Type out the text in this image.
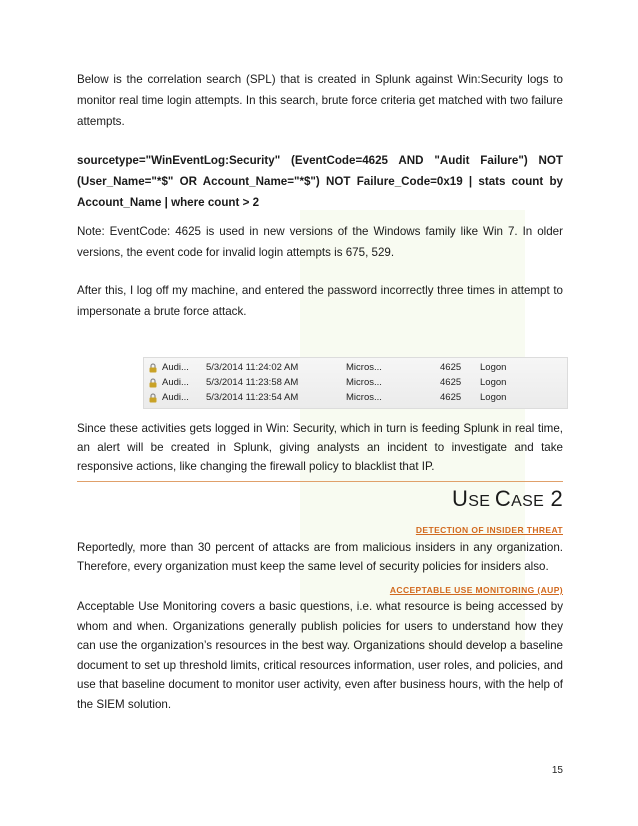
Below is the correlation search (SPL) that is created in Splunk against Win:Security logs to monitor real time login attempts. In this search, brute force criteria get matched with two failure attempts.

sourcetype="WinEventLog:Security" (EventCode=4625 AND "Audit Failure") NOT (User_Name="*$" OR Account_Name="*$") NOT Failure_Code=0x19 | stats count by Account_Name | where count > 2

Note: EventCode: 4625 is used in new versions of the Windows family like Win 7. In older versions, the event code for invalid login attempts is 675, 529.

After this, I log off my machine, and entered the password incorrectly three times in attempt to impersonate a brute force attack.

Since these activities gets logged in Win: Security, which in turn is feeding Splunk in real time, an alert will be created in Splunk, giving analysts an incident to investigate and take responsive actions, like changing the firewall policy to blacklist that IP.

USE CASE 2
DETECTION OF INSIDER THREAT

Reportedly, more than 30 percent of attacks are from malicious insiders in any organization. Therefore, every organization must keep the same level of security policies for insiders also.

ACCEPTABLE USE MONITORING (AUP)

Acceptable Use Monitoring covers a basic questions, i.e. what resource is being accessed by whom and when. Organizations generally publish policies for users to understand how they can use the organization’s resources in the best way. Organizations should develop a baseline document to set up threshold limits, critical resources information, user roles, and policies, and use that baseline document to monitor user activity, even after business hours, with the help of the SIEM solution.

15
Audi... 5/3/2014 11:24:02 AM	Micros...	4625 Logon
Audi... 5/3/2014 11:23:58 AM	Micros...	4625 Logon
Audi... 5/3/2014 11:23:54 AM	Micros...	4625 Logon
